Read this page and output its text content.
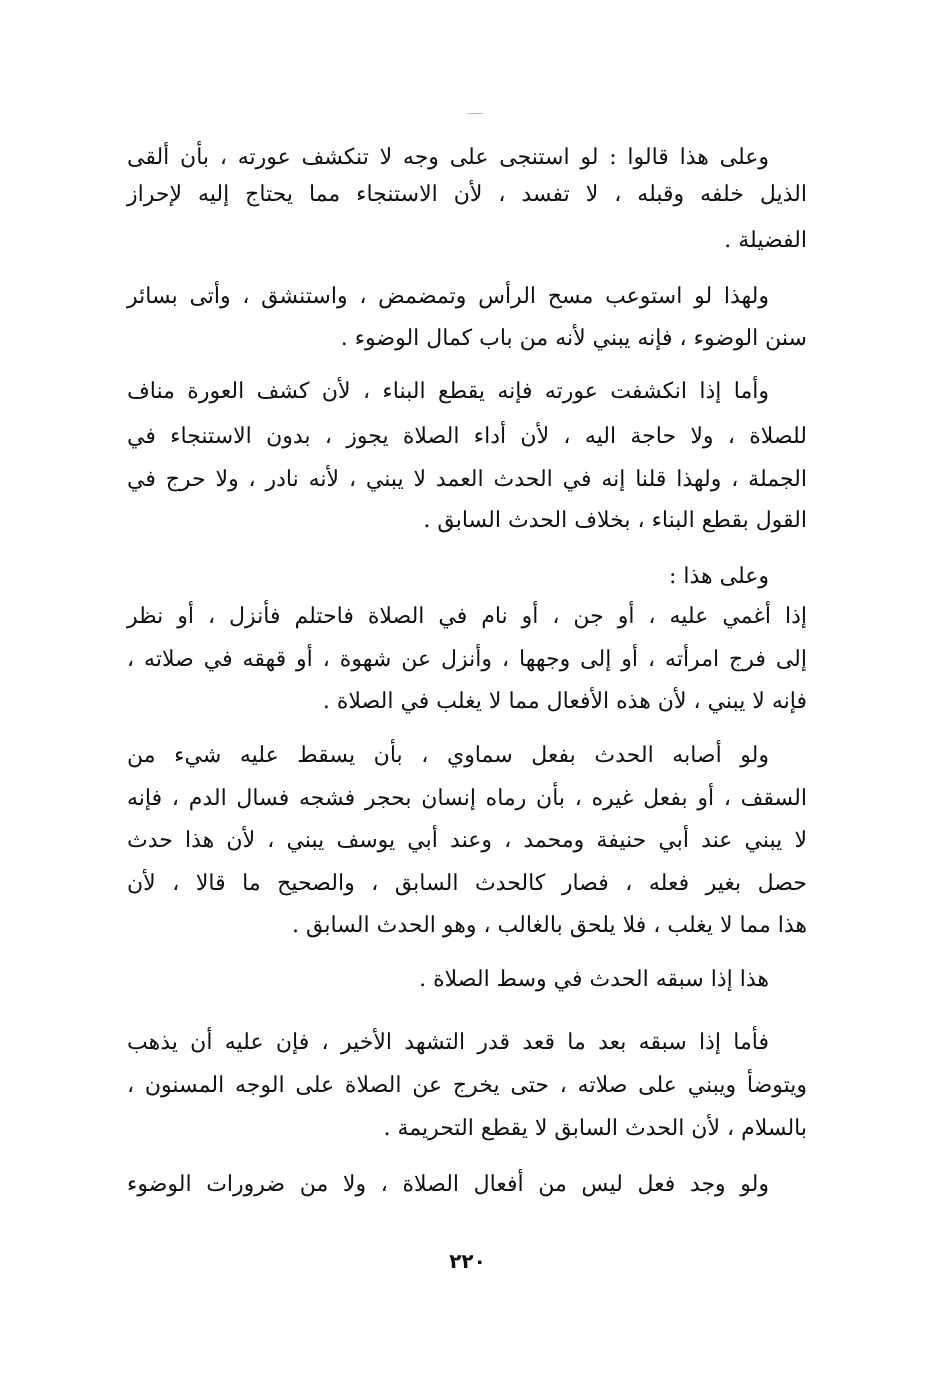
وعلى هذا قالوا : لو استنجى على وجه لا تنكشف عورته ، بأن ألقى
الذيل خلفه وقبله ، لا تفسد ، لأن الاستنجاء مما يحتاج إليه لإحراز
الفضيلة .
ولهذا لو استوعب مسح الرأس وتمضمض ، واستنشق ، وأتى بسائر
سنن الوضوء ، فإنه يبني لأنه من باب كمال الوضوء .
وأما إذا انكشفت عورته فإنه يقطع البناء ، لأن كشف العورة مناف
للصلاة ، ولا حاجة اليه ، لأن أداء الصلاة يجوز ، بدون الاستنجاء في
الجملة ، ولهذا قلنا إنه في الحدث العمد لا يبني ، لأنه نادر ، ولا حرج في
القول بقطع البناء ، بخلاف الحدث السابق .
وعلى هذا :
إذا أغمي عليه ، أو جن ، أو نام في الصلاة فاحتلم فأنزل ، أو نظر
إلى فرج امرأته ، أو إلى وجهها ، وأنزل عن شهوة ، أو قهقه في صلاته ،
فإنه لا يبني ، لأن هذه الأفعال مما لا يغلب في الصلاة .
ولو أصابه الحدث بفعل سماوي ، بأن يسقط عليه شيء من
السقف ، أو بفعل غيره ، بأن رماه إنسان بحجر فشجه فسال الدم ، فإنه
لا يبني عند أبي حنيفة ومحمد ، وعند أبي يوسف يبني ، لأن هذا حدث
حصل بغير فعله ، فصار كالحدث السابق ، والصحيح ما قالا ، لأن
هذا مما لا يغلب ، فلا يلحق بالغالب ، وهو الحدث السابق .
هذا إذا سبقه الحدث في وسط الصلاة .
فأما إذا سبقه بعد ما قعد قدر التشهد الأخير ، فإن عليه أن يذهب
ويتوضأ ويبني على صلاته ، حتى يخرج عن الصلاة على الوجه المسنون ،
بالسلام ، لأن الحدث السابق لا يقطع التحريمة .
ولو وجد فعل ليس من أفعال الصلاة ، ولا من ضرورات الوضوء
٢٢٠
